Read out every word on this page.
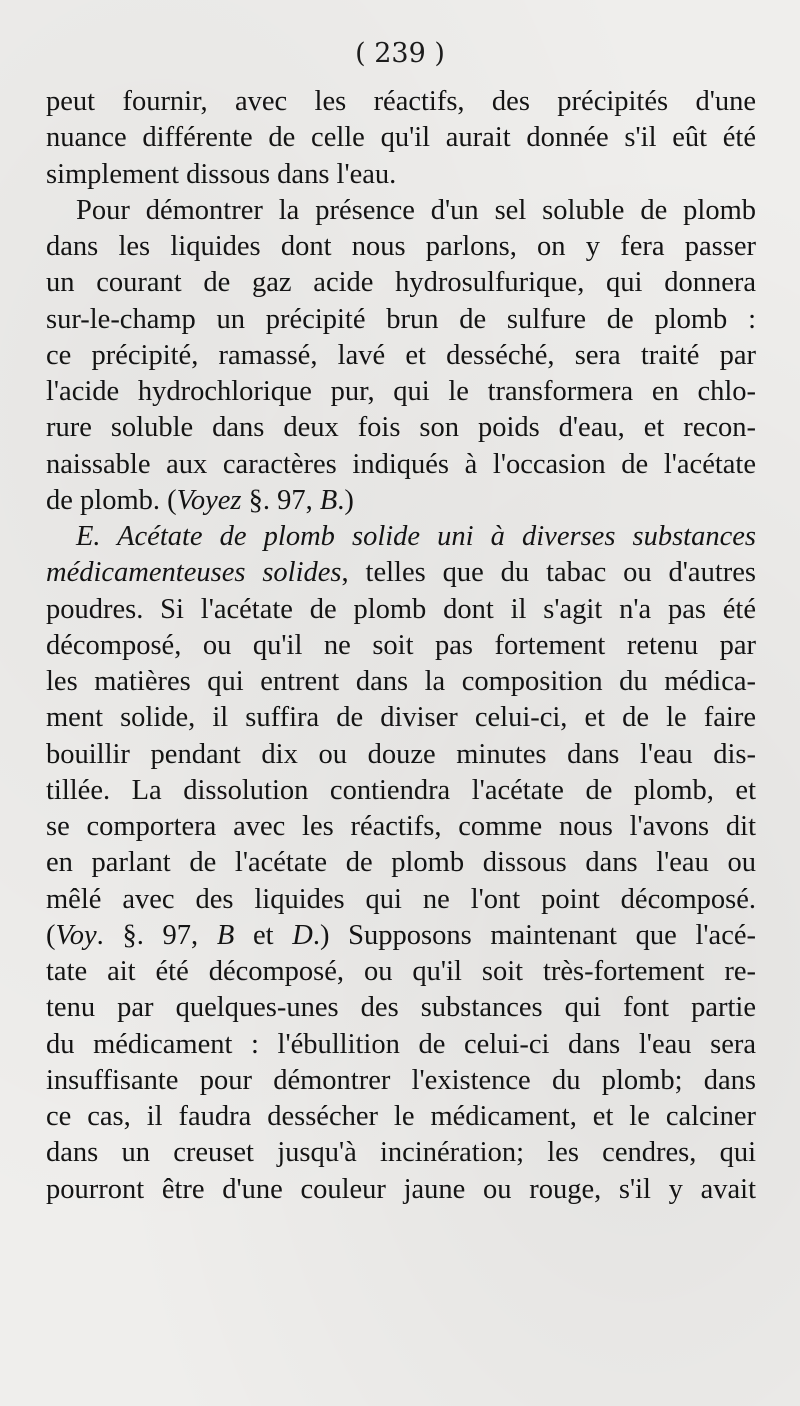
( 239 )
peut fournir, avec les réactifs, des précipités d'une
nuance différente de celle qu'il aurait donnée s'il eût été
simplement dissous dans l'eau.
Pour démontrer la présence d'un sel soluble de plomb
dans les liquides dont nous parlons, on y fera passer
un courant de gaz acide hydrosulfurique, qui donnera
sur-le-champ un précipité brun de sulfure de plomb :
ce précipité, ramassé, lavé et desséché, sera traité par
l'acide hydrochlorique pur, qui le transformera en chlo-
rure soluble dans deux fois son poids d'eau, et recon-
naissable aux caractères indiqués à l'occasion de l'acétate
de plomb. (Voyez §. 97, B.)
E. Acétate de plomb solide uni à diverses substances
médicamenteuses solides, telles que du tabac ou d'autres
poudres. Si l'acétate de plomb dont il s'agit n'a pas été
décomposé, ou qu'il ne soit pas fortement retenu par
les matières qui entrent dans la composition du médica-
ment solide, il suffira de diviser celui-ci, et de le faire
bouillir pendant dix ou douze minutes dans l'eau dis-
tillée. La dissolution contiendra l'acétate de plomb, et
se comportera avec les réactifs, comme nous l'avons dit
en parlant de l'acétate de plomb dissous dans l'eau ou
mêlé avec des liquides qui ne l'ont point décomposé.
(Voy. §. 97, B et D.) Supposons maintenant que l'acé-
tate ait été décomposé, ou qu'il soit très-fortement re-
tenu par quelques-unes des substances qui font partie
du médicament : l'ébullition de celui-ci dans l'eau sera
insuffisante pour démontrer l'existence du plomb; dans
ce cas, il faudra dessécher le médicament, et le calciner
dans un creuset jusqu'à incinération; les cendres, qui
pourront être d'une couleur jaune ou rouge, s'il y avait
